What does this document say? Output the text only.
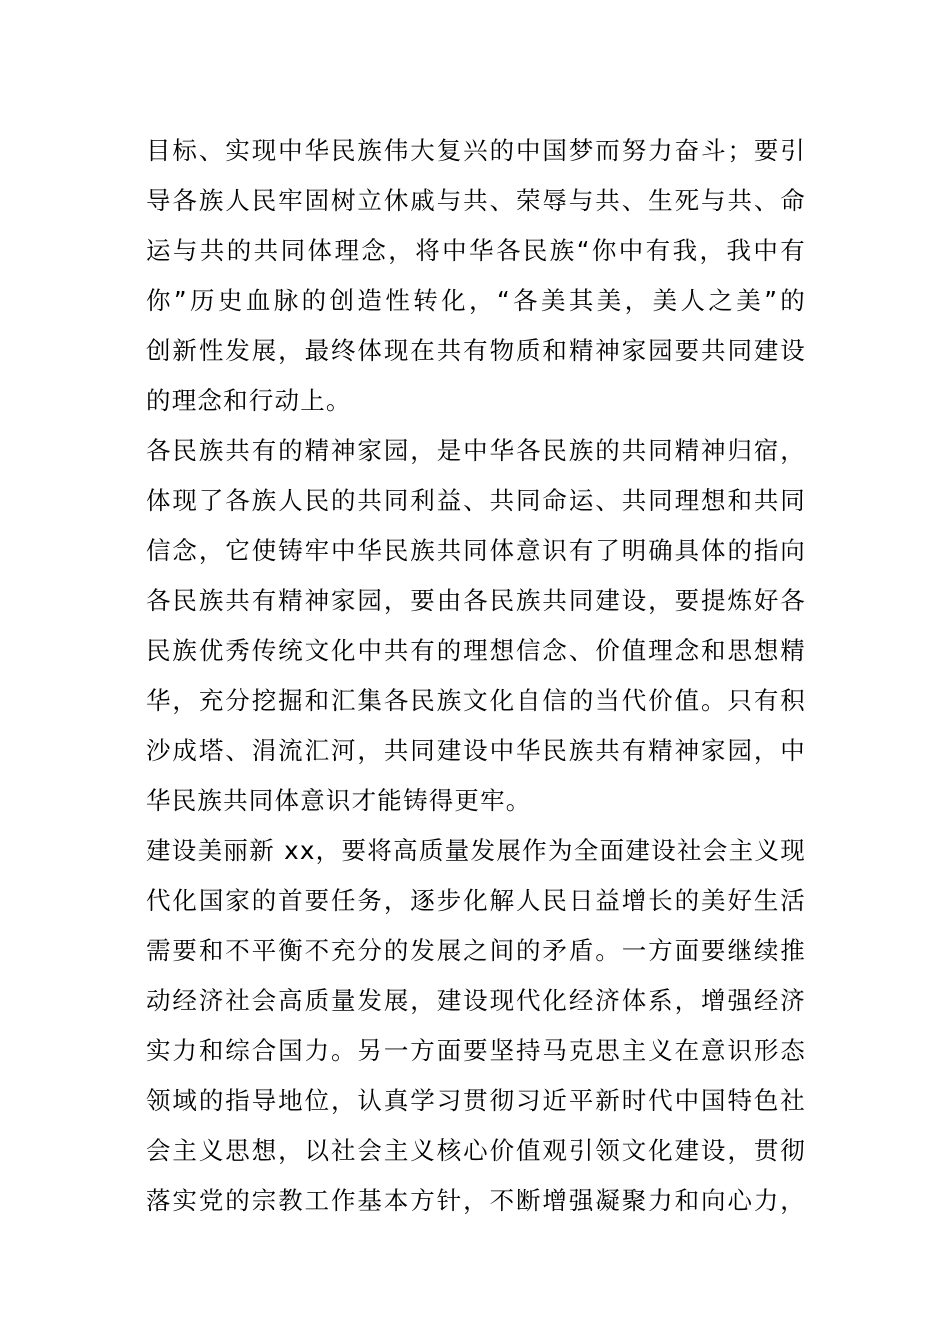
目标、实现中华民族伟大复兴的中国梦而努力奋斗；要引
导各族人民牢固树立休戚与共、荣辱与共、生死与共、命
运与共的共同体理念，将中华各民族“你中有我，我中有
你”历史血脉的创造性转化，“各美其美，美人之美”的
创新性发展，最终体现在共有物质和精神家园要共同建设
的理念和行动上。
各民族共有的精神家园，是中华各民族的共同精神归宿，
体现了各族人民的共同利益、共同命运、共同理想和共同
信念，它使铸牢中华民族共同体意识有了明确具体的指向
各民族共有精神家园，要由各民族共同建设，要提炼好各
民族优秀传统文化中共有的理想信念、价值理念和思想精
华，充分挖掘和汇集各民族文化自信的当代价值。只有积
沙成塔、涓流汇河，共同建设中华民族共有精神家园，中
华民族共同体意识才能铸得更牢。
建设美丽新 xx，要将高质量发展作为全面建设社会主义现
代化国家的首要任务，逐步化解人民日益增长的美好生活
需要和不平衡不充分的发展之间的矛盾。一方面要继续推
动经济社会高质量发展，建设现代化经济体系，增强经济
实力和综合国力。另一方面要坚持马克思主义在意识形态
领域的指导地位，认真学习贯彻习近平新时代中国特色社
会主义思想，以社会主义核心价值观引领文化建设，贯彻
落实党的宗教工作基本方针，不断增强凝聚力和向心力，
